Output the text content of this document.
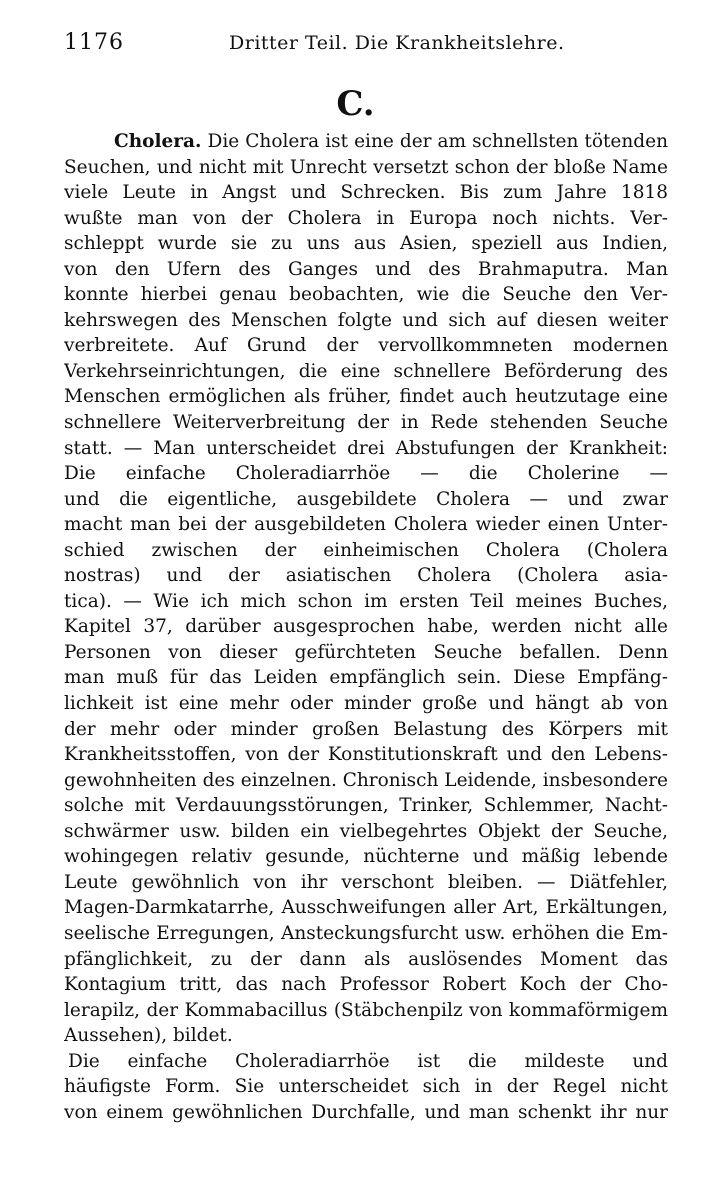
1176	Dritter Teil. Die Krankheitslehre.
C.
Cholera. Die Cholera ist eine der am schnellsten tötenden
Seuchen, und nicht mit Unrecht versetzt schon der bloße Name
viele Leute in Angst und Schrecken. Bis zum Jahre 1818
wußte man von der Cholera in Europa noch nichts. Ver-
schleppt wurde sie zu uns aus Asien, speziell aus Indien,
von den Ufern des Ganges und des Brahmaputra. Man
konnte hierbei genau beobachten, wie die Seuche den Ver-
kehrswegen des Menschen folgte und sich auf diesen weiter
verbreitete. Auf Grund der vervollkommneten modernen
Verkehrseinrichtungen, die eine schnellere Beförderung des
Menschen ermöglichen als früher, findet auch heutzutage eine
schnellere Weiterverbreitung der in Rede stehenden Seuche
statt. — Man unterscheidet drei Abstufungen der Krankheit:
Die einfache Choleradiarrhöe — die Cholerine —
und die eigentliche, ausgebildete Cholera — und zwar
macht man bei der ausgebildeten Cholera wieder einen Unter-
schied zwischen der einheimischen Cholera (Cholera
nostras) und der asiatischen Cholera (Cholera asia-
tica). — Wie ich mich schon im ersten Teil meines Buches,
Kapitel 37, darüber ausgesprochen habe, werden nicht alle
Personen von dieser gefürchteten Seuche befallen. Denn
man muß für das Leiden empfänglich sein. Diese Empfäng-
lichkeit ist eine mehr oder minder große und hängt ab von
der mehr oder minder großen Belastung des Körpers mit
Krankheitsstoffen, von der Konstitutionskraft und den Lebens-
gewohnheiten des einzelnen. Chronisch Leidende, insbesondere
solche mit Verdauungsstörungen, Trinker, Schlemmer, Nacht-
schwärmer usw. bilden ein vielbegehrtes Objekt der Seuche,
wohingegen relativ gesunde, nüchterne und mäßig lebende
Leute gewöhnlich von ihr verschont bleiben. — Diätfehler,
Magen-Darmkatarrhe, Ausschweifungen aller Art, Erkältungen,
seelische Erregungen, Ansteckungsfurcht usw. erhöhen die Em-
pfänglichkeit, zu der dann als auslösendes Moment das
Kontagium tritt, das nach Professor Robert Koch der Cho-
lerapilz, der Kommabacillus (Stäbchenpilz von kommaförmigem
Aussehen), bildet.
Die einfache Choleradiarrhöe ist die mildeste und
häufigste Form. Sie unterscheidet sich in der Regel nicht
von einem gewöhnlichen Durchfalle, und man schenkt ihr nur
